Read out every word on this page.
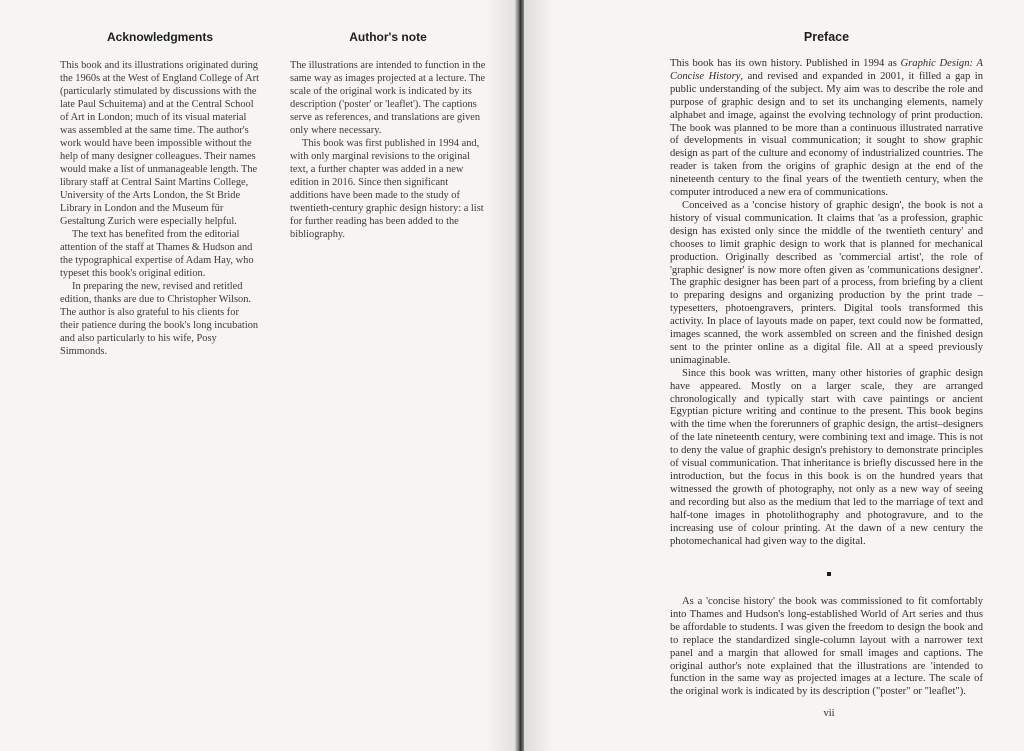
Acknowledgments

This book and its illustrations originated during the 1960s at the West of England College of Art (particularly stimulated by discussions with the late Paul Schuitema) and at the Central School of Art in London; much of its visual material was assembled at the same time. The author's work would have been impossible without the help of many designer colleagues. Their names would make a list of unmanageable length. The library staff at Central Saint Martins College, University of the Arts London, the St Bride Library in London and the Museum für Gestaltung Zurich were especially helpful.

The text has benefited from the editorial attention of the staff at Thames & Hudson and the typographical expertise of Adam Hay, who typeset this book's original edition.

In preparing the new, revised and retitled edition, thanks are due to Christopher Wilson. The author is also grateful to his clients for their patience during the book's long incubation and also particularly to his wife, Posy Simmonds.

Author's note

The illustrations are intended to function in the same way as images projected at a lecture. The scale of the original work is indicated by its description ('poster' or 'leaflet'). The captions serve as references, and translations are given only where necessary.

This book was first published in 1994 and, with only marginal revisions to the original text, a further chapter was added in a new edition in 2016. Since then significant additions have been made to the study of twentieth-century graphic design history: a list for further reading has been added to the bibliography.

Preface

This book has its own history. Published in 1994 as Graphic Design: A Concise History, and revised and expanded in 2001, it filled a gap in public understanding of the subject. My aim was to describe the role and purpose of graphic design and to set its unchanging elements, namely alphabet and image, against the evolving technology of print production. The book was planned to be more than a continuous illustrated narrative of developments in visual communication; it sought to show graphic design as part of the culture and economy of industrialized countries. The reader is taken from the origins of graphic design at the end of the nineteenth century to the final years of the twentieth century, when the computer introduced a new era of communications.

Conceived as a 'concise history of graphic design', the book is not a history of visual communication. It claims that 'as a profession, graphic design has existed only since the middle of the twentieth century' and chooses to limit graphic design to work that is planned for mechanical production. Originally described as 'commercial artist', the role of 'graphic designer' is now more often given as 'communications designer'. The graphic designer has been part of a process, from briefing by a client to preparing designs and organizing production by the print trade – typesetters, photoengravers, printers. Digital tools transformed this activity. In place of layouts made on paper, text could now be formatted, images scanned, the work assembled on screen and the finished design sent to the printer online as a digital file. All at a speed previously unimaginable.

Since this book was written, many other histories of graphic design have appeared. Mostly on a larger scale, they are arranged chronologically and typically start with cave paintings or ancient Egyptian picture writing and continue to the present. This book begins with the time when the forerunners of graphic design, the artist–designers of the late nineteenth century, were combining text and image. This is not to deny the value of graphic design's prehistory to demonstrate principles of visual communication. That inheritance is briefly discussed here in the introduction, but the focus in this book is on the hundred years that witnessed the growth of photography, not only as a new way of seeing and recording but also as the medium that led to the marriage of text and half-tone images in photolithography and photogravure, and to the increasing use of colour printing. At the dawn of a new century the photomechanical had given way to the digital.

As a 'concise history' the book was commissioned to fit comfortably into Thames and Hudson's long-established World of Art series and thus be affordable to students. I was given the freedom to design the book and to replace the standardized single-column layout with a narrower text panel and a margin that allowed for small images and captions. The original author's note explained that the illustrations are 'intended to function in the same way as projected images at a lecture. The scale of the original work is indicated by its description ("poster" or "leaflet").

vii
